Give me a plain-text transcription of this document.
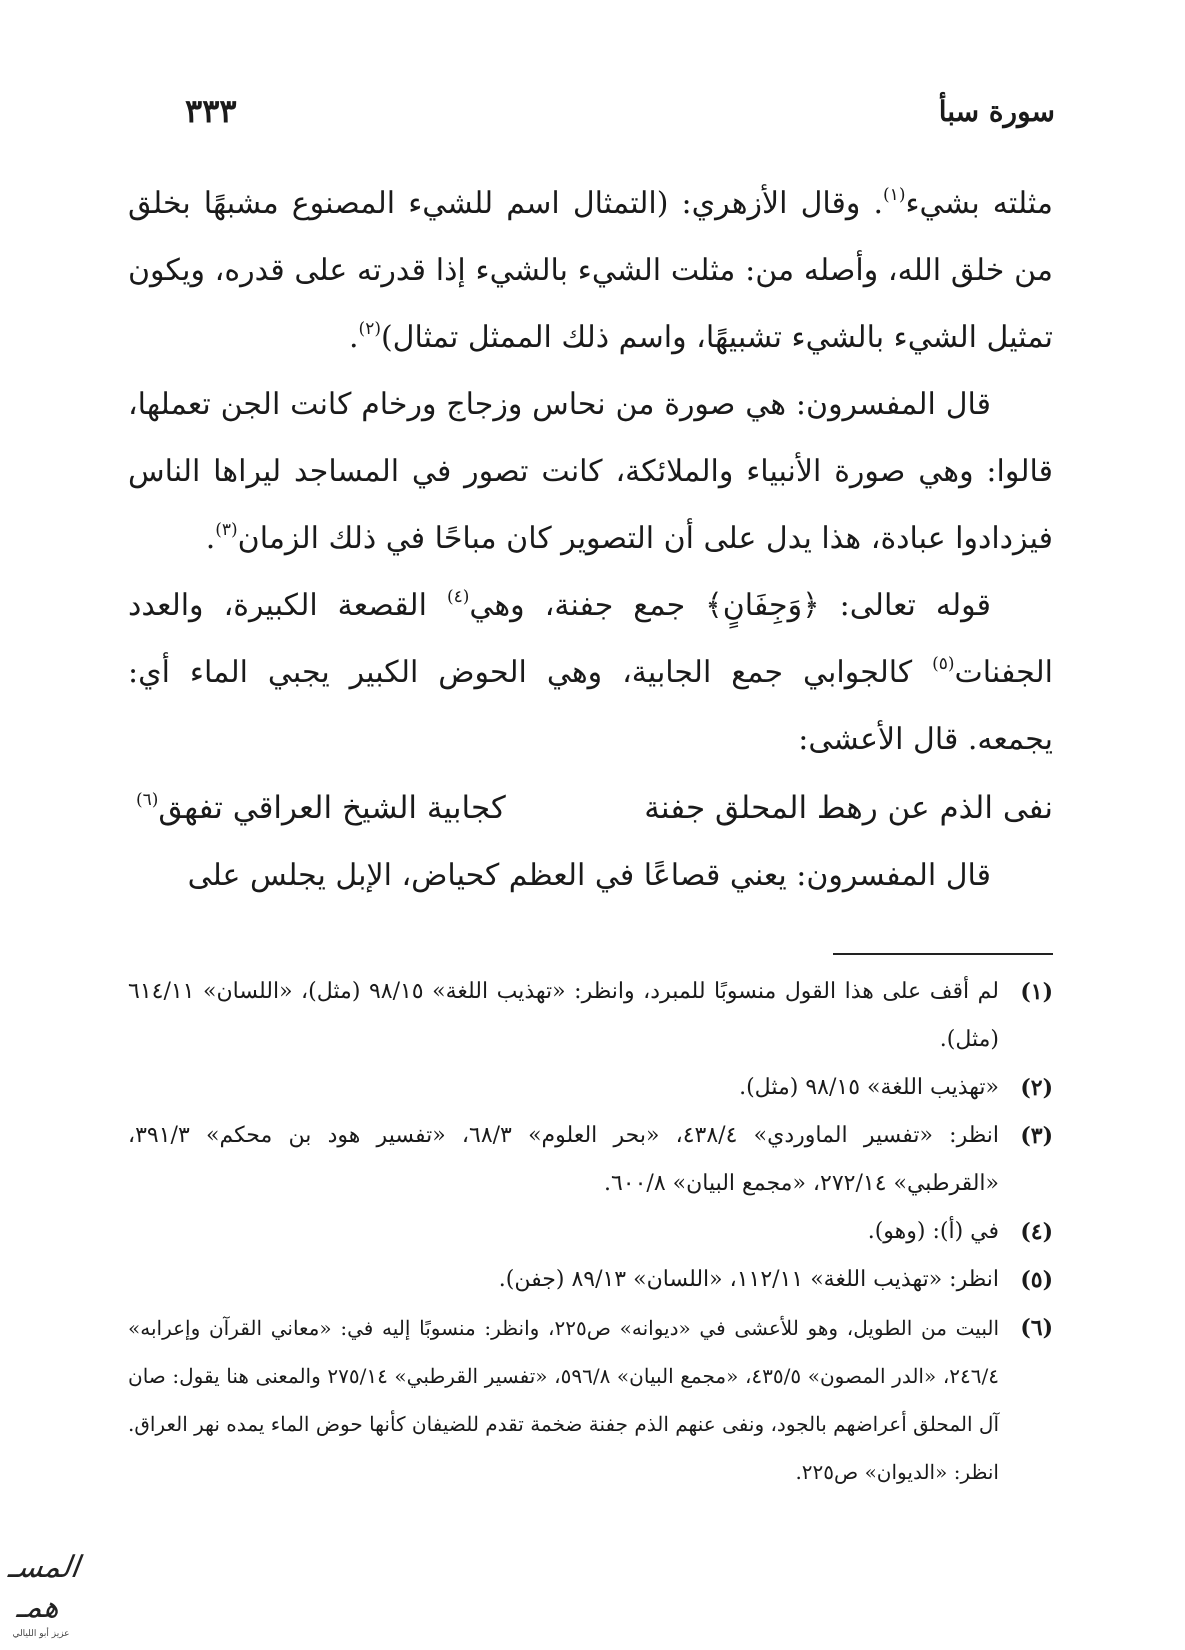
سورة سبأ
٣٣٣

مثلته بشيء$^{(١)}$. وقال الأزهري: (التمثال اسم للشيء المصنوع مشبهًا بخلق من خلق الله، وأصله من: مثلت الشيء بالشيء إذا قدرته على قدره، ويكون تمثيل الشيء بالشيء تشبيهًا، واسم ذلك الممثل تمثال)$^{(٢)}$.

قال المفسرون: هي صورة من نحاس وزجاج ورخام كانت الجن تعملها، قالوا: وهي صورة الأنبياء والملائكة، كانت تصور في المساجد ليراها الناس فيزدادوا عبادة، هذا يدل على أن التصوير كان مباحًا في ذلك الزمان$^{(٣)}$.

قوله تعالى: ﴿وَجِفَانٍ﴾ جمع جفنة، وهي$^{(٤)}$ القصعة الكبيرة، والعدد الجفنات$^{(٥)}$ كالجوابي جمع الجابية، وهي الحوض الكبير يجبي الماء أي: يجمعه. قال الأعشى:

نفى الذم عن رهط المحلق جفنة
كجابية الشيخ العراقي تفهق$^{(٦)}$

قال المفسرون: يعني قصاعًا في العظم كحياض، الإبل يجلس على

(١)
لم أقف على هذا القول منسوبًا للمبرد، وانظر: «تهذيب اللغة» ٩٨/١٥ (مثل)، «اللسان» ٦١٤/١١ (مثل).
(٢)
«تهذيب اللغة» ٩٨/١٥ (مثل).
(٣)
انظر: «تفسير الماوردي» ٤٣٨/٤، «بحر العلوم» ٦٨/٣، «تفسير هود بن محكم» ٣٩١/٣، «القرطبي» ٢٧٢/١٤، «مجمع البيان» ٦٠٠/٨.
(٤)
في (أ): (وهو).
(٥)
انظر: «تهذيب اللغة» ١١٢/١١، «اللسان» ٨٩/١٣ (جفن).
(٦)
البيت من الطويل، وهو للأعشى في «ديوانه» ص٢٢٥، وانظر: منسوبًا إليه في: «معاني القرآن وإعرابه» ٢٤٦/٤، «الدر المصون» ٤٣٥/٥، «مجمع البيان» ٥٩٦/٨، «تفسير القرطبي» ٢٧٥/١٤ والمعنى هنا يقول: صان آل المحلق أعراضهم بالجود، ونفى عنهم الذم جفنة ضخمة تقدم للضيفان كأنها حوض الماء يمده نهر العراق. انظر: «الديوان» ص٢٢٥.
المسـ همـ
عزيز أبو الليالي
